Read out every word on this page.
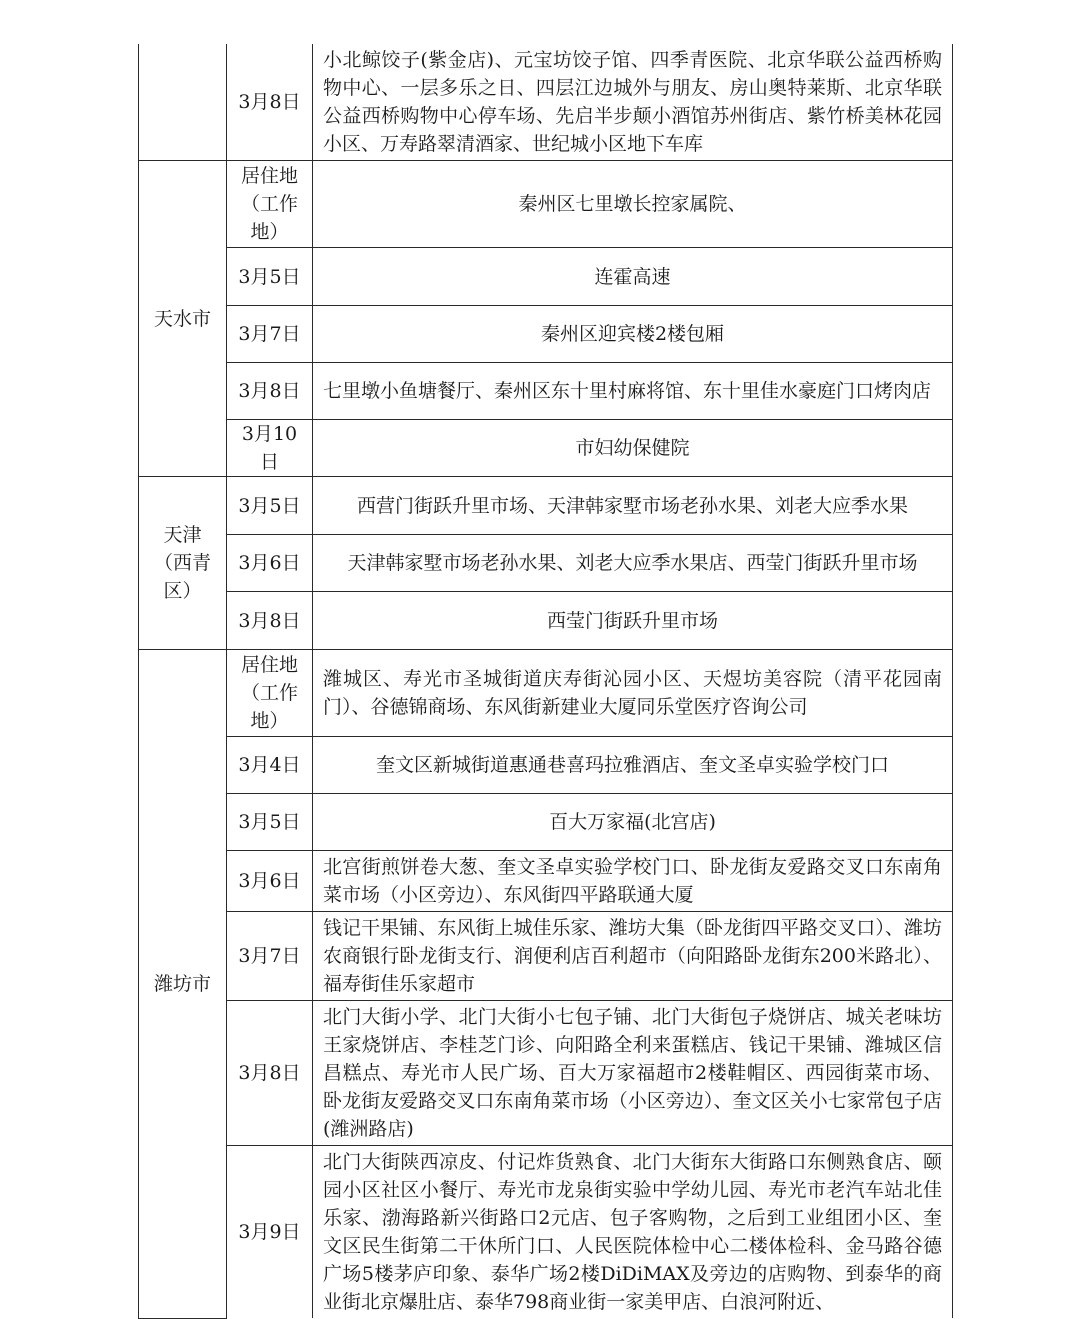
	3月8日	小北鲸饺子(紫金店)、元宝坊饺子馆、四季青医院、北京华联公益西桥购物中心、一层多乐之日、四层江边城外与朋友、房山奥特莱斯、北京华联公益西桥购物中心停车场、先启半步颠小酒馆苏州街店、紫竹桥美林花园小区、万寿路翠清酒家、世纪城小区地下车库
天水市	居住地（工作地）	秦州区七里墩长控家属院、
	3月5日	连霍高速
	3月7日	秦州区迎宾楼2楼包厢
	3月8日	七里墩小鱼塘餐厅、秦州区东十里村麻将馆、东十里佳水豪庭门口烤肉店
	3月10日	市妇幼保健院
天津（西青区）	3月5日	西营门街跃升里市场、天津韩家墅市场老孙水果、刘老大应季水果
	3月6日	天津韩家墅市场老孙水果、刘老大应季水果店、西莹门街跃升里市场
	3月8日	西莹门街跃升里市场
潍坊市	居住地（工作地）	潍城区、寿光市圣城街道庆寿街沁园小区、天煜坊美容院（清平花园南门）、谷德锦商场、东风街新建业大厦同乐堂医疗咨询公司
	3月4日	奎文区新城街道惠通巷喜玛拉雅酒店、奎文圣卓实验学校门口
	3月5日	百大万家福(北宫店)
	3月6日	北宫街煎饼卷大葱、奎文圣卓实验学校门口、卧龙街友爱路交叉口东南角菜市场（小区旁边）、东风街四平路联通大厦
	3月7日	钱记干果铺、东风街上城佳乐家、潍坊大集（卧龙街四平路交叉口）、潍坊农商银行卧龙街支行、润便利店百利超市（向阳路卧龙街东200米路北）、福寿街佳乐家超市
	3月8日	北门大街小学、北门大街小七包子铺、北门大街包子烧饼店、城关老味坊王家烧饼店、李桂芝门诊、向阳路全利来蛋糕店、钱记干果铺、潍城区信昌糕点、寿光市人民广场、百大万家福超市2楼鞋帽区、西园街菜市场、卧龙街友爱路交叉口东南角菜市场（小区旁边）、奎文区关小七家常包子店(潍洲路店)
	3月9日	北门大街陕西凉皮、付记炸货熟食、北门大街东大街路口东侧熟食店、颐园小区社区小餐厅、寿光市龙泉街实验中学幼儿园、寿光市老汽车站北佳乐家、渤海路新兴街路口2元店、包子客购物，之后到工业组团小区、奎文区民生街第二干休所门口、人民医院体检中心二楼体检科、金马路谷德广场5楼茅庐印象、泰华广场2楼DiDiMAX及旁边的店购物、到泰华的商业街北京爆肚店、泰华798商业街一家美甲店、白浪河附近、
